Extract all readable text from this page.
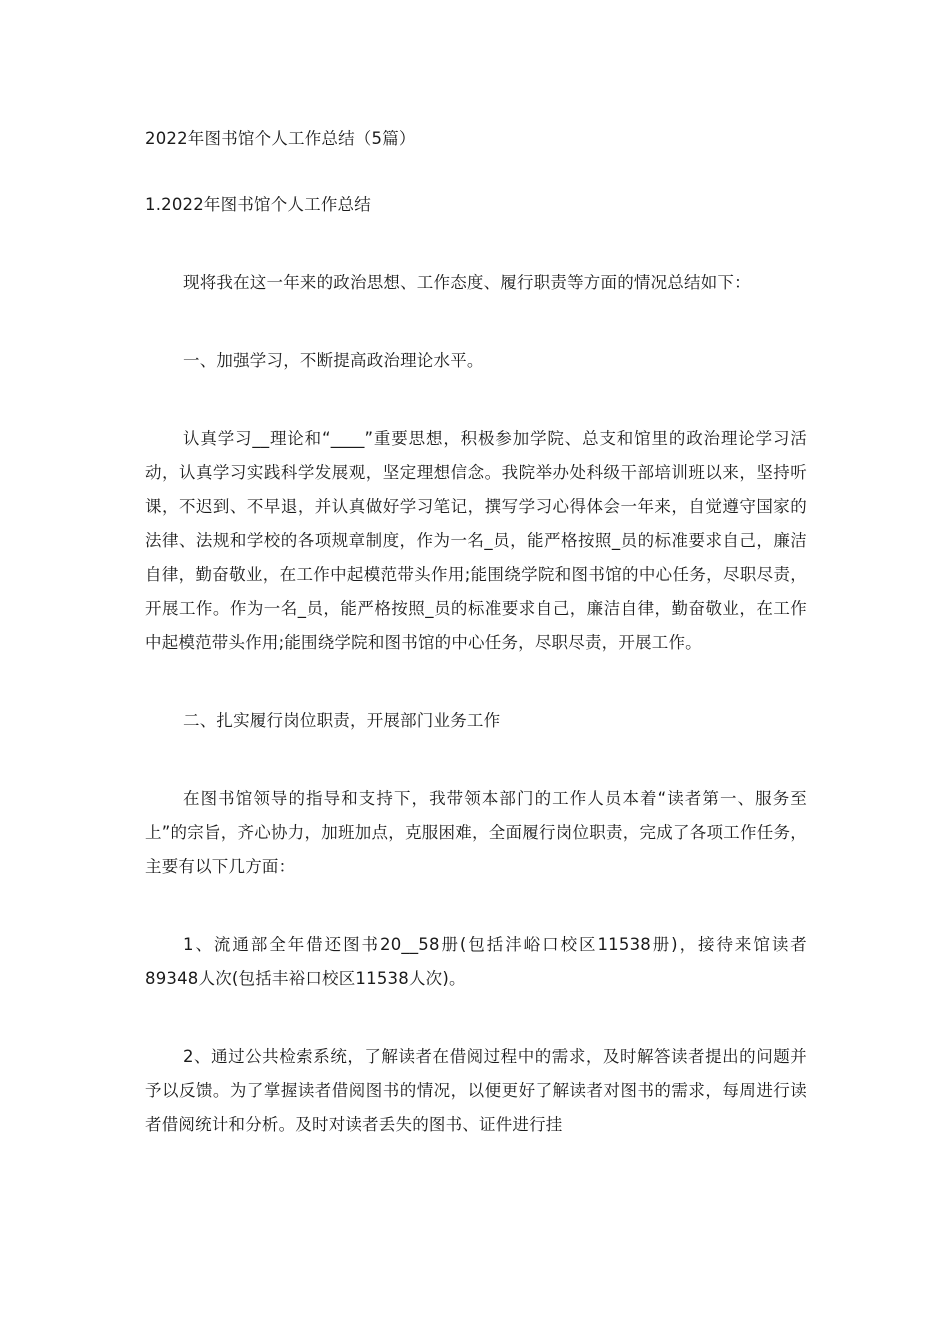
2022年图书馆个人工作总结（5篇）
1.2022年图书馆个人工作总结

现将我在这一年来的政治思想、工作态度、履行职责等方面的情况总结如下：

一、加强学习，不断提高政治理论水平。

认真学习__理论和“____”重要思想，积极参加学院、总支和馆里的政治理论学习活动，认真学习实践科学发展观，坚定理想信念。我院举办处科级干部培训班以来，坚持听课，不迟到、不早退，并认真做好学习笔记，撰写学习心得体会一年来，自觉遵守国家的法律、法规和学校的各项规章制度，作为一名_员，能严格按照_员的标准要求自己，廉洁自律，勤奋敬业，在工作中起模范带头作用;能围绕学院和图书馆的中心任务，尽职尽责，开展工作。作为一名_员，能严格按照_员的标准要求自己，廉洁自律，勤奋敬业，在工作中起模范带头作用;能围绕学院和图书馆的中心任务，尽职尽责，开展工作。

二、扎实履行岗位职责，开展部门业务工作

在图书馆领导的指导和支持下，我带领本部门的工作人员本着“读者第一、服务至上”的宗旨，齐心协力，加班加点，克服困难，全面履行岗位职责，完成了各项工作任务，主要有以下几方面：

1、流通部全年借还图书20__58册(包括沣峪口校区11538册)，接待来馆读者89348人次(包括丰裕口校区11538人次)。

2、通过公共检索系统，了解读者在借阅过程中的需求，及时解答读者提出的问题并予以反馈。为了掌握读者借阅图书的情况，以便更好了解读者对图书的需求，每周进行读者借阅统计和分析。及时对读者丢失的图书、证件进行挂
